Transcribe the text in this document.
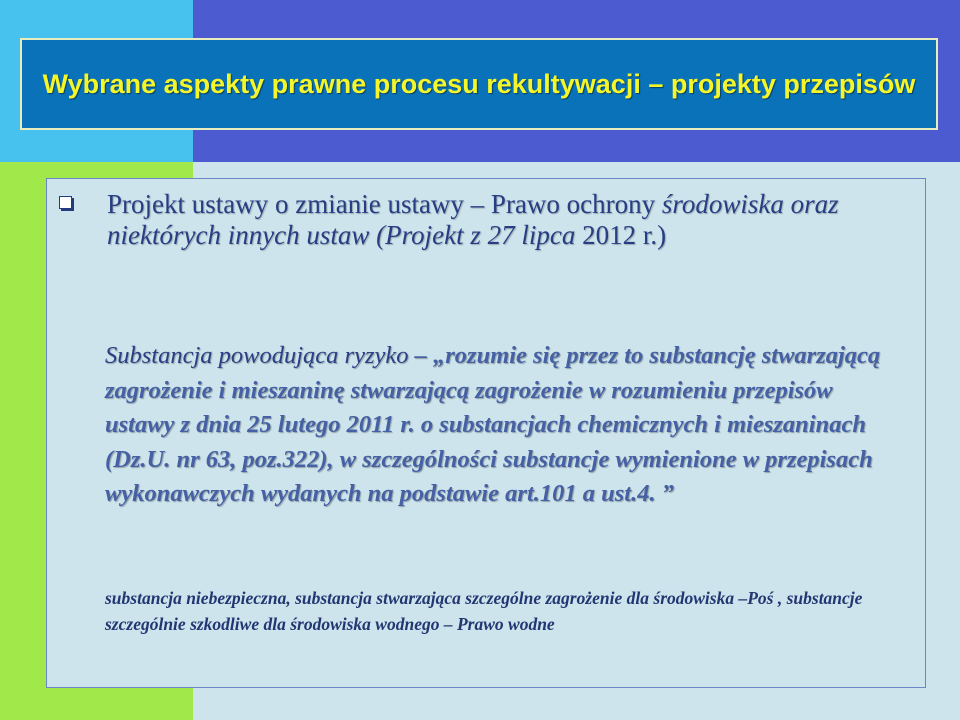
Wybrane aspekty prawne procesu rekultywacji – projekty przepisów
Projekt ustawy o zmianie ustawy – Prawo ochrony środowiska oraz niektórych innych ustaw (Projekt z 27 lipca 2012 r.)

Substancja powodująca ryzyko – „rozumie się przez to substancję stwarzającą zagrożenie i mieszaninę stwarzającą zagrożenie w rozumieniu przepisów ustawy z dnia 25 lutego 2011 r. o substancjach chemicznych i mieszaninach (Dz.U. nr 63, poz.322), w szczególności substancje wymienione w przepisach wykonawczych wydanych na podstawie art.101 a ust.4. ”

substancja niebezpieczna, substancja stwarzająca szczególne zagrożenie dla środowiska –Poś , substancje szczególnie szkodliwe dla środowiska wodnego – Prawo wodne
